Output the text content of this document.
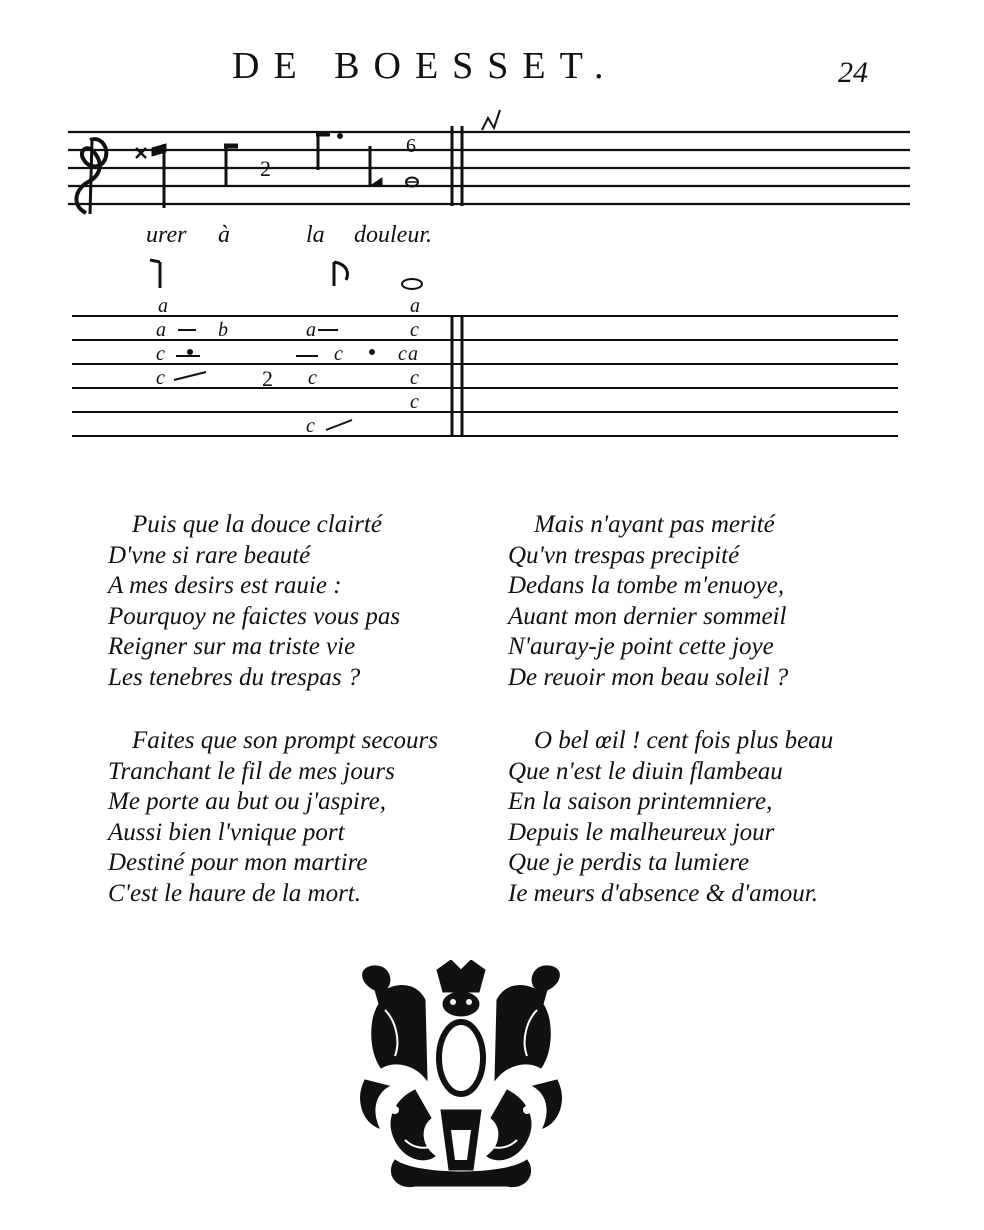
DE BOESSET.	24
2
6
urer à	la douleur.
a
a	b	a	c
c	c
c	c	c
c
c
c
a
a
2
Puis que la douce clairté
D'vne si rare beauté
A mes desirs est rauie :
Pourquoy ne faictes vous pas
Reigner sur ma triste vie
Les tenebres du trespas ?
Mais n'ayant pas merité
Qu'vn trespas precipité
Dedans la tombe m'enuoye,
Auant mon dernier sommeil
N'auray-je point cette joye
De reuoir mon beau soleil ?
Faites que son prompt secours
Tranchant le fil de mes jours
Me porte au but ou j'aspire,
Aussi bien l'vnique port
Destiné pour mon martire
C'est le haure de la mort.
O bel œil ! cent fois plus beau
Que n'est le diuin flambeau
En la saison printemniere,
Depuis le malheureux jour
Que je perdis ta lumiere
Ie meurs d'absence & d'amour.
